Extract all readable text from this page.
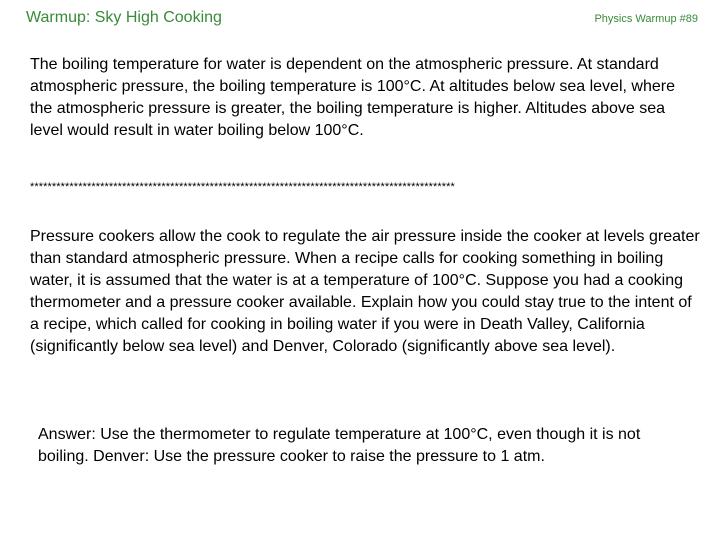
Warmup: Sky High Cooking	Physics Warmup #89

The boiling temperature for water is dependent on the atmospheric pressure. At standard atmospheric pressure, the boiling temperature is 100°C. At altitudes below sea level, where the atmospheric pressure is greater, the boiling temperature is higher. Altitudes above sea level would result in water boiling below 100°C.

*************************************************************************************************

Pressure cookers allow the cook to regulate the air pressure inside the cooker at levels greater than standard atmospheric pressure. When a recipe calls for cooking something in boiling water, it is assumed that the water is at a temperature of 100°C. Suppose you had a cooking thermometer and a pressure cooker available. Explain how you could stay true to the intent of a recipe, which called for cooking in boiling water if you were in Death Valley, California (significantly below sea level) and Denver, Colorado (significantly above sea level).

Answer: Use the thermometer to regulate temperature at 100°C, even though it is not boiling. Denver: Use the pressure cooker to raise the pressure to 1 atm.
